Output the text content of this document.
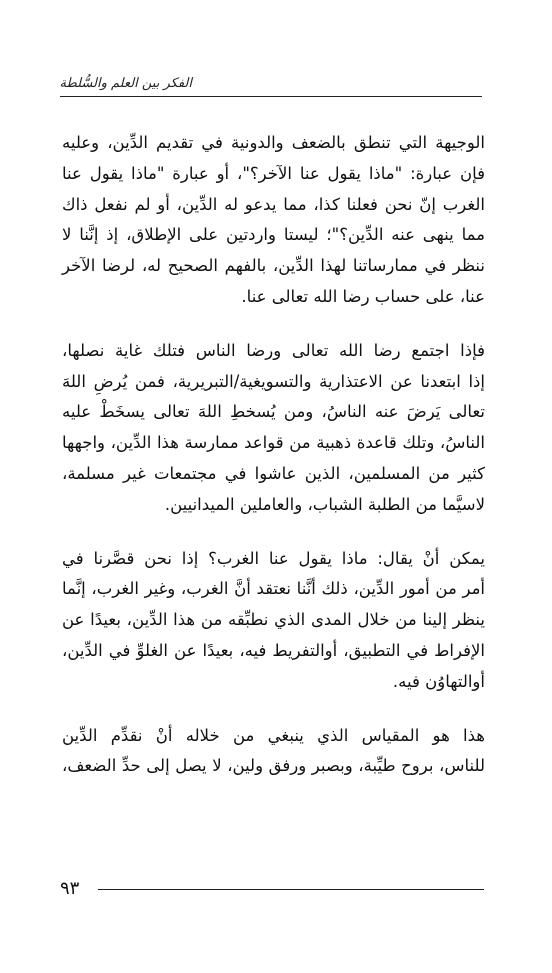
الفكر بين العلم والسُّلطة

الوجيهة التي تنطق بالضعف والدونية في تقديم الدِّين، وعليه
فإن عبارة: "ماذا يقول عنا الآخر؟"، أو عبارة "ماذا يقول عنا
الغرب إنّ نحن فعلنا كذا، مما يدعو له الدِّين، أو لم نفعل ذاك
مما ينهى عنه الدِّين؟"؛ ليستا واردتين على الإطلاق، إذ إنَّنا لا
ننظر في ممارساتنا لهذا الدِّين، بالفهم الصحيح له، لرضا الآخر
عنا، على حساب رضا الله تعالى عنا.

فإذا اجتمع رضا الله تعالى ورضا الناس فتلك غاية نصلها،
إذا ابتعدنا عن الاعتذارية والتسويغية/التبريرية، فمن يُرضِ اللهَ
تعالى يَرضَ عنه الناسُ، ومن يُسخطِ اللهَ تعالى يسخَطْ عليه
الناسُ، وتلك قاعدة ذهبية من قواعد ممارسة هذا الدِّين، واجهها
كثير من المسلمين، الذين عاشوا في مجتمعات غير مسلمة،
لاسيَّما من الطلبة الشباب، والعاملين الميدانيين.

يمكن أنْ يقال: ماذا يقول عنا الغرب؟ إذا نحن قصَّرنا في
أمر من أمور الدِّين، ذلك أنَّنا نعتقد أنَّ الغرب، وغير الغرب، إنَّما
ينظر إلينا من خلال المدى الذي نطبِّقه من هذا الدِّين، بعيدًا عن
الإفراط في التطبيق، أوالتفريط فيه، بعيدًا عن الغلوِّ في الدِّين،
أوالتهاوُن فيه.

هذا هو المقياس الذي ينبغي من خلاله أنْ نقدِّم الدِّين
للناس، بروح طيِّبة، وبصبر ورفق ولين، لا يصل إلى حدِّ الضعف،

٩٣
